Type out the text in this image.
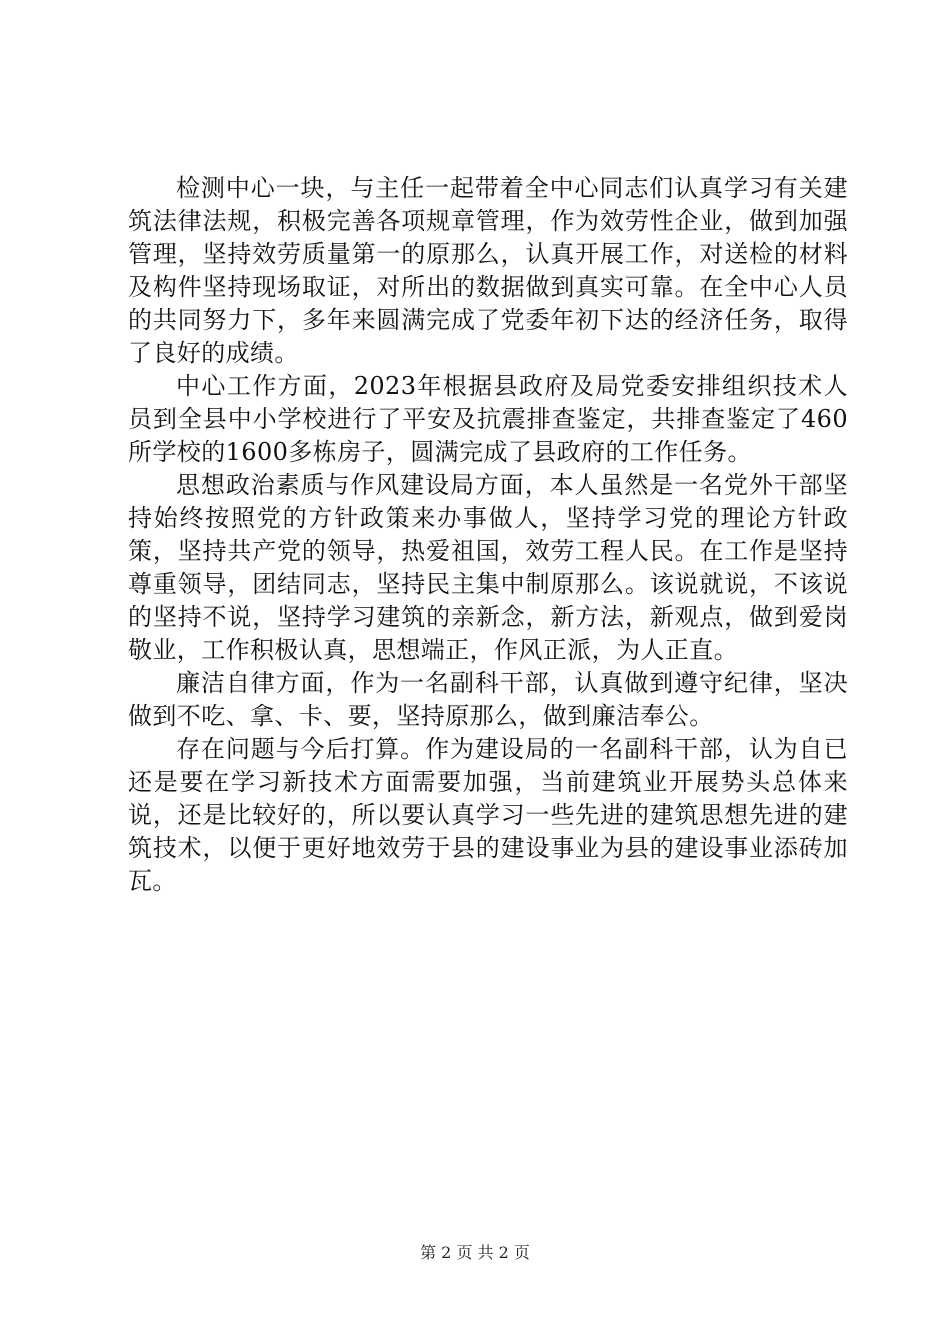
检测中心一块，与主任一起带着全中心同志们认真学习有关建筑法律法规，积极完善各项规章管理，作为效劳性企业，做到加强管理，坚持效劳质量第一的原那么，认真开展工作，对送检的材料及构件坚持现场取证，对所出的数据做到真实可靠。在全中心人员的共同努力下，多年来圆满完成了党委年初下达的经济任务，取得了良好的成绩。

中心工作方面，2023年根据县政府及局党委安排组织技术人员到全县中小学校进行了平安及抗震排查鉴定，共排查鉴定了460所学校的1600多栋房子，圆满完成了县政府的工作任务。

思想政治素质与作风建设局方面，本人虽然是一名党外干部坚持始终按照党的方针政策来办事做人，坚持学习党的理论方针政策，坚持共产党的领导，热爱祖国，效劳工程人民。在工作是坚持尊重领导，团结同志，坚持民主集中制原那么。该说就说，不该说的坚持不说，坚持学习建筑的亲新念，新方法，新观点，做到爱岗敬业，工作积极认真，思想端正，作风正派，为人正直。

廉洁自律方面，作为一名副科干部，认真做到遵守纪律，坚决做到不吃、拿、卡、要，坚持原那么，做到廉洁奉公。

存在问题与今后打算。作为建设局的一名副科干部，认为自已还是要在学习新技术方面需要加强，当前建筑业开展势头总体来说，还是比较好的，所以要认真学习一些先进的建筑思想先进的建筑技术，以便于更好地效劳于县的建设事业为县的建设事业添砖加瓦。

第 2 页 共 2 页
